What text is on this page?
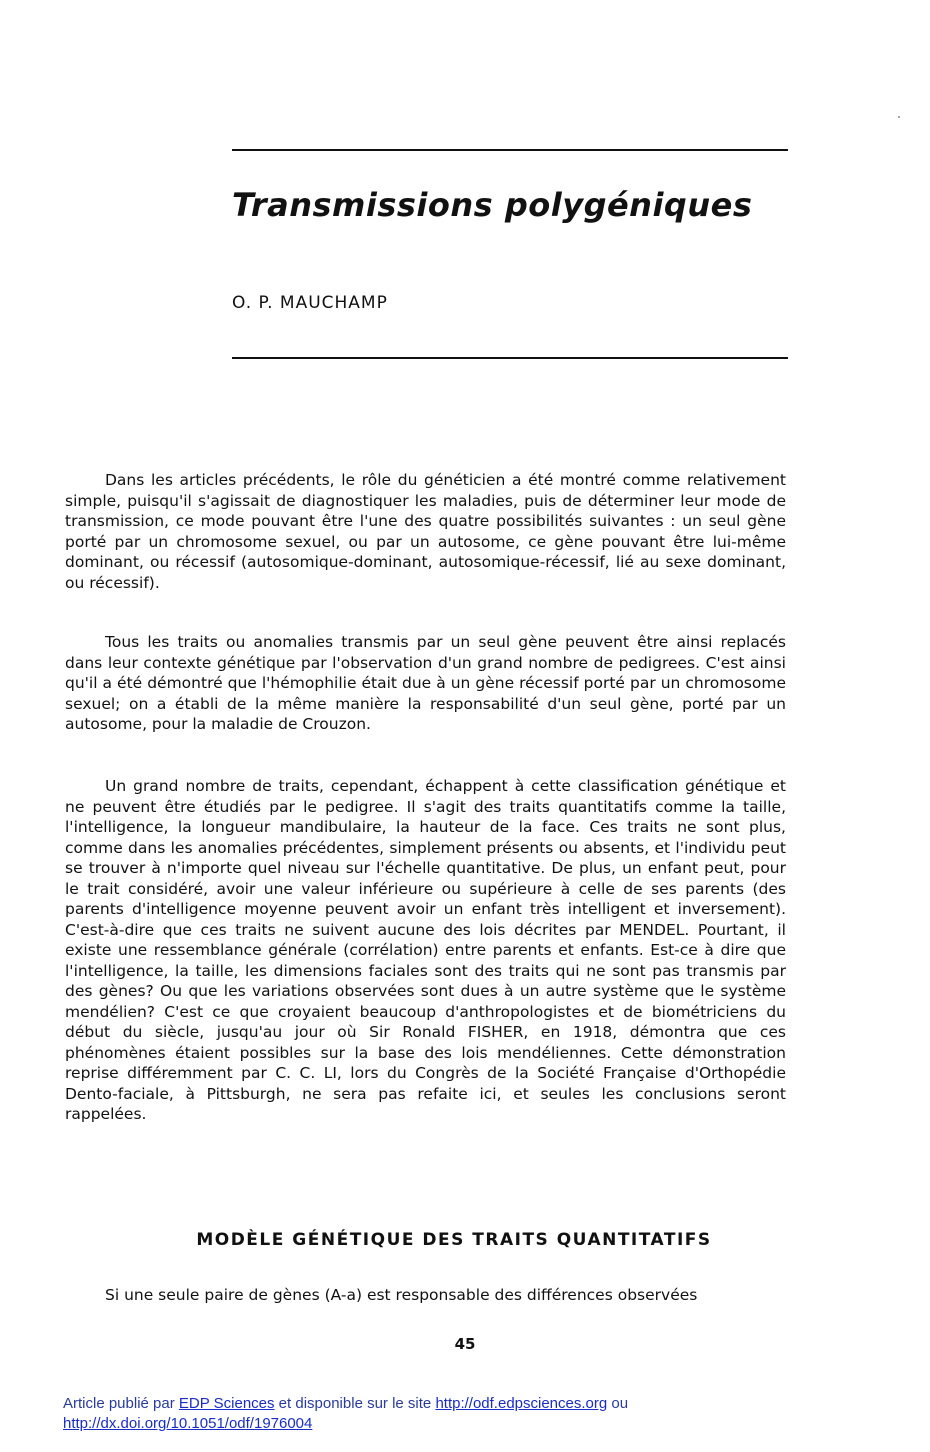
Transmissions polygéniques

O. P. MAUCHAMP

Dans les articles précédents, le rôle du généticien a été montré comme relativement simple, puisqu'il s'agissait de diagnostiquer les maladies, puis de déterminer leur mode de transmission, ce mode pouvant être l'une des quatre possibilités suivantes : un seul gène porté par un chromosome sexuel, ou par un autosome, ce gène pouvant être lui-même dominant, ou récessif (autosomique-dominant, autosomique-récessif, lié au sexe dominant, ou récessif).

Tous les traits ou anomalies transmis par un seul gène peuvent être ainsi replacés dans leur contexte génétique par l'observation d'un grand nombre de pedigrees. C'est ainsi qu'il a été démontré que l'hémophilie était due à un gène récessif porté par un chromosome sexuel; on a établi de la même manière la responsabilité d'un seul gène, porté par un autosome, pour la maladie de Crouzon.

Un grand nombre de traits, cependant, échappent à cette classification génétique et ne peuvent être étudiés par le pedigree. Il s'agit des traits quantitatifs comme la taille, l'intelligence, la longueur mandibulaire, la hauteur de la face. Ces traits ne sont plus, comme dans les anomalies précédentes, simplement présents ou absents, et l'individu peut se trouver à n'importe quel niveau sur l'échelle quantitative. De plus, un enfant peut, pour le trait considéré, avoir une valeur inférieure ou supérieure à celle de ses parents (des parents d'intelligence moyenne peuvent avoir un enfant très intelligent et inversement). C'est-à-dire que ces traits ne suivent aucune des lois décrites par MENDEL. Pourtant, il existe une ressemblance générale (corrélation) entre parents et enfants. Est-ce à dire que l'intelligence, la taille, les dimensions faciales sont des traits qui ne sont pas transmis par des gènes? Ou que les variations observées sont dues à un autre système que le système mendélien? C'est ce que croyaient beaucoup d'anthropologistes et de biométriciens du début du siècle, jusqu'au jour où Sir Ronald FISHER, en 1918, démontra que ces phénomènes étaient possibles sur la base des lois mendéliennes. Cette démonstration reprise différemment par C. C. LI, lors du Congrès de la Société Française d'Orthopédie Dento-faciale, à Pittsburgh, ne sera pas refaite ici, et seules les conclusions seront rappelées.

MODÈLE GÉNÉTIQUE DES TRAITS QUANTITATIFS

Si une seule paire de gènes (A-a) est responsable des différences observées

45
Article publié par EDP Sciences et disponible sur le site http://odf.edpsciences.org ou
http://dx.doi.org/10.1051/odf/1976004
